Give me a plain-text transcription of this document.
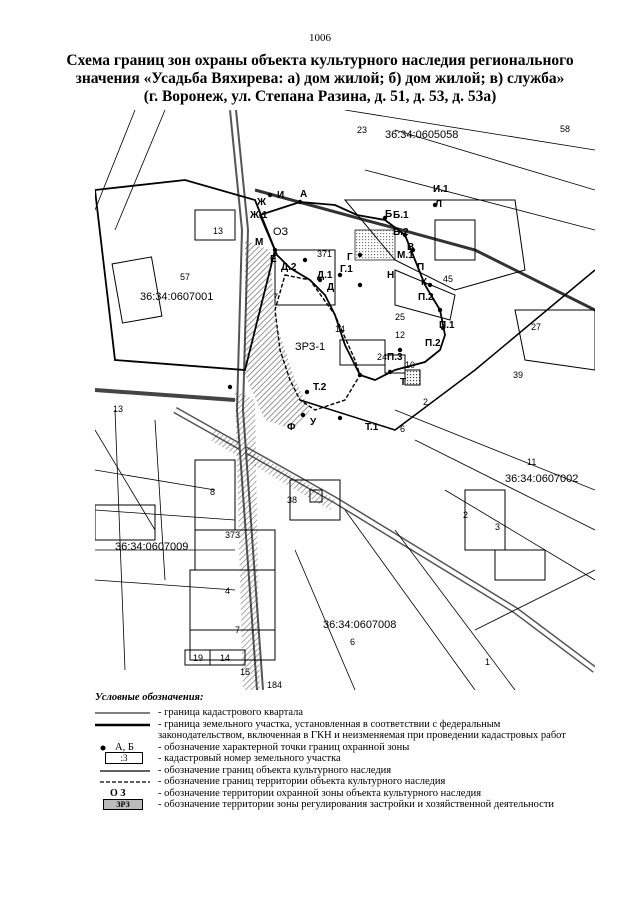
1006
Схема границ зон охраны объекта культурного наследия регионального
значения «Усадьба Вяхирева: а) дом жилой; б) дом жилой; в) служба»
(г. Воронеж, ул. Степана Разина, д. 51, д. 53, д. 53а)
И А
Ж
Ж.1	Б Б.1
И.1
Л
Б.2
В
М
Е
Д.2
Г
Г.1
Д.1
Д
М.1
Н
П
К
П.2
П.1
П.2
П.3
Т
Т.1
Т.2
У
Ф
ОЗ
ЗРЗ-1
36:34:0605058
36:34:0607001
36:34:0607002
36:34:0607009
36:34:0607008
23	58
13
57
371
45
7
25
14
12
24
10
27
39
13
6
2
8
38
11
373
4
7
19 14
15
3
6
2
1
184
Условные обозначения:
- граница кадастрового квартала
- граница земельного участка, установленная в соответствии с федеральным
законодательством, включенная в ГКН и неизменяемая при проведении кадастровых работ
А, Б - обозначение характерной точки границ охранной зоны
:3	- кадастровый номер земельного участка
- обозначение границ объекта культурного наследия
- обозначение границ территории объекта культурного наследия
О З	- обозначение территории охранной зоны объекта культурного наследия
ЗРЗ	- обозначение территории зоны регулирования застройки и хозяйственной деятельности
